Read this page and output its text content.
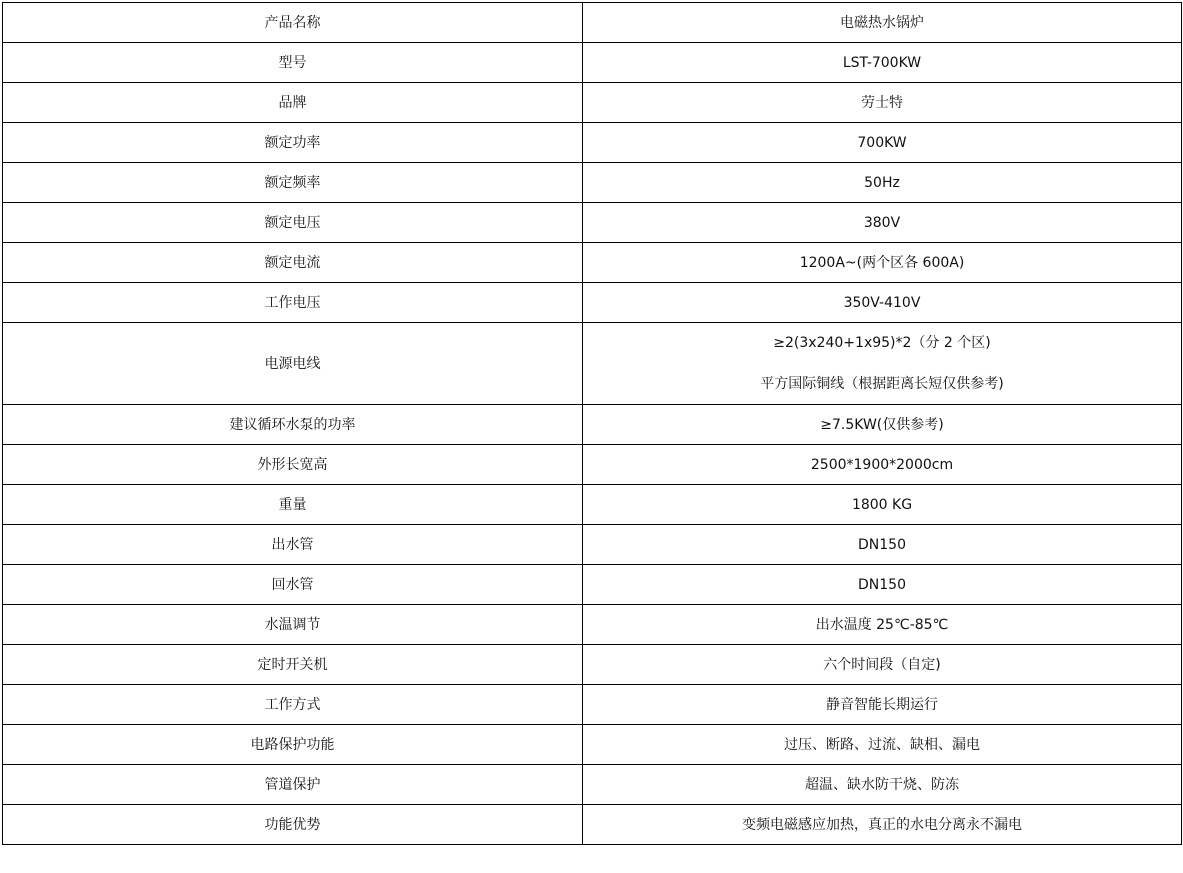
产品名称	电磁热水锅炉
型号	LST-700KW
品牌	劳士特
额定功率	700KW
额定频率	50Hz
额定电压	380V
额定电流	1200A~(两个区各 600A)
工作电压	350V-410V
电源电线	≥2(3x240+1x95)*2（分 2 个区)
平方国际铜线（根据距离长短仅供参考)

建议循环水泵的功率	≥7.5KW(仅供参考)
外形长宽高	2500*1900*2000cm
重量	1800 KG
出水管	DN150
回水管	DN150
水温调节	出水温度 25℃-85℃
定时开关机	六个时间段（自定)
工作方式	静音智能长期运行
电路保护功能	过压、断路、过流、缺相、漏电
管道保护	超温、缺水防干烧、防冻
功能优势	变频电磁感应加热，真正的水电分离永不漏电
